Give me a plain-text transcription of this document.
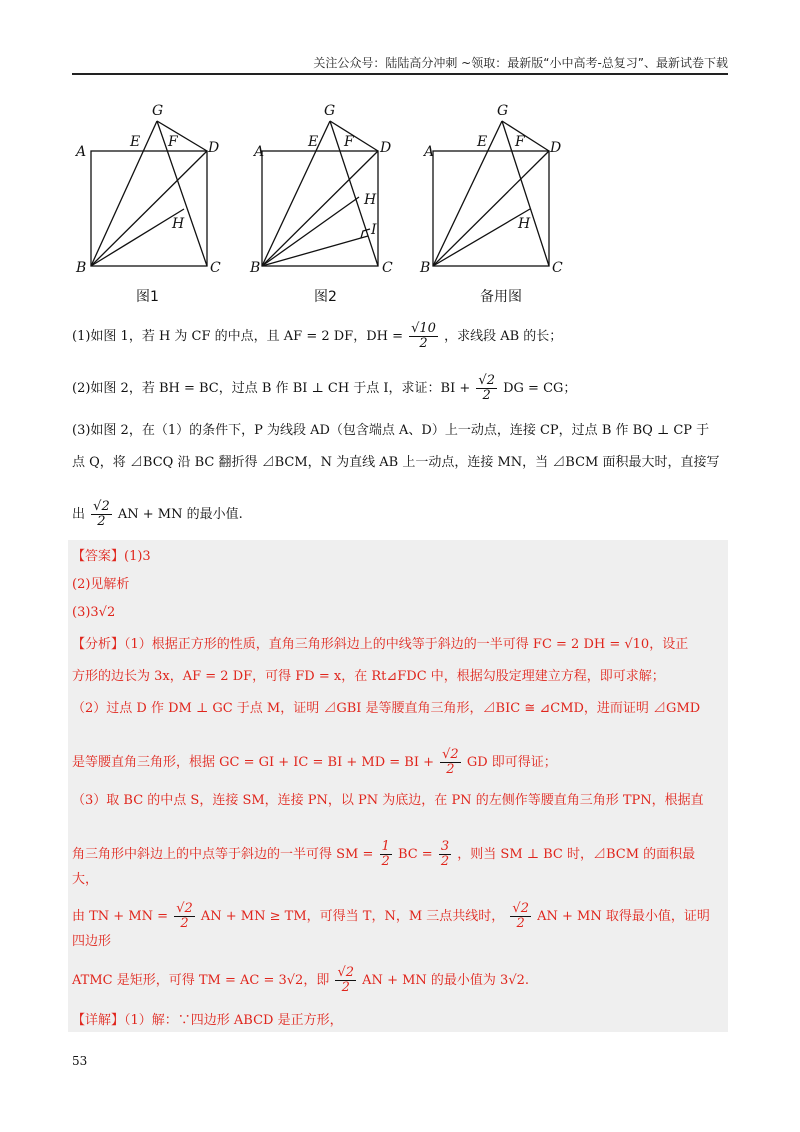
关注公众号：陆陆高分冲刺 ~领取：最新版“小中高考-总复习”、最新试卷下载
A
B	C
D
E F
G
H
A
B	C
D
E F
G
H
I
A
B	C
D
E F
G
H
图1	图2	备用图
(1)如图 1，若 H 为 CF 的中点，且 AF = 2 DF，DH = $\frac{√10}{2}$ ，求线段 AB 的长；
(2)如图 2，若 BH = BC，过点 B 作 BI ⊥ CH 于点 I，求证：BI + $\frac{√2}{2}$ DG = CG；
(3)如图 2，在（1）的条件下，P 为线段 AD（包含端点 A、D）上一动点，连接 CP，过点 B 作 BQ ⊥ CP 于
点 Q，将 ⊿BCQ 沿 BC 翻折得 ⊿BCM，N 为直线 AB 上一动点，连接 MN，当 ⊿BCM 面积最大时，直接写
出 $\frac{√2}{2}$ AN + MN 的最小值.
【答案】(1)3
(2)见解析
(3)3√2
【分析】（1）根据正方形的性质，直角三角形斜边上的中线等于斜边的一半可得 FC = 2 DH = √10，设正
方形的边长为 3x，AF = 2 DF，可得 FD = x，在 Rt⊿FDC 中，根据勾股定理建立方程，即可求解；
（2）过点 D 作 DM ⊥ GC 于点 M，证明 ⊿GBI 是等腰直角三角形，⊿BIC ≅ ⊿CMD，进而证明 ⊿GMD
是等腰直角三角形，根据 GC = GI + IC = BI + MD = BI + $\frac{√2}{2}$ GD 即可得证；
（3）取 BC 的中点 S，连接 SM，连接 PN，以 PN 为底边，在 PN 的左侧作等腰直角三角形 TPN，根据直
角三角形中斜边上的中点等于斜边的一半可得 SM = $\frac{1}{2}$ BC = $\frac{3}{2}$ ，则当 SM ⊥ BC 时，⊿BCM 的面积最大，
由 TN + MN = $\frac{√2}{2}$ AN + MN ≥ TM，可得当 T，N，M 三点共线时， $\frac{√2}{2}$ AN + MN 取得最小值，证明四边形
ATMC 是矩形，可得 TM = AC = 3√2，即 $\frac{√2}{2}$ AN + MN 的最小值为 3√2.
【详解】（1）解：∵四边形 ABCD 是正方形，
53
